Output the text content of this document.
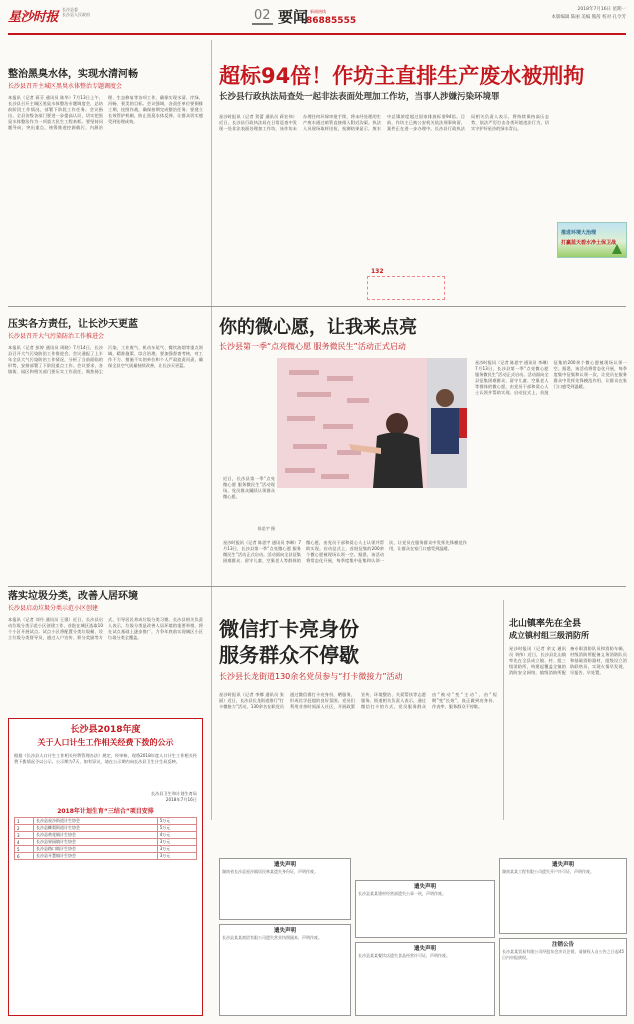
星沙时报
长沙县委
长沙县人民政府	02 要闻 新闻热线
86885555
2018年7月16日 星期一
本版编辑 陈丽 美编 熊茜 校对 孔令芳
整治黑臭水体，实现水清河畅
长沙县召开主城区黑臭水体整治专题调度会
本报讯（记者 蒋芬 通讯员 陈华）7月13日上午，长沙县召开主城区黑臭水体整治专题调度会，总结前阶段工作情况，部署下阶段工作任务。会议指出，全县各级各部门要进一步提高认识，切实把黑臭水体整治作为一项重大民生工程来抓。要坚持问题导向，突出重点，统筹推进控源截污、内源治理、生态修复等各项工作，确保实现水清、岸绿、河畅、景美的目标。会议强调，各责任单位要倒排工期，挂图作战，确保按期完成整治任务；要建立长效管护机制，防止黑臭水体反弹，让群众切实感受到治理成效。
超标94倍！作坊主直排生产废水被刑拘
长沙县行政执法局查处一起非法表面处理加工作坊，当事人涉嫌污染环境罪
星沙时报讯（记者 贺蕾 通讯员 蒋宏伟）近日，长沙县行政执法局在日常巡查中发现一处非法表面处理加工作坊，该作坊未办理任何环保审批手续，将未经处理的生产废水通过暗管直接排入附近沟渠。执法人员现场取样送检，检测结果显示，废水中总镍浓度超过国家排放标准94倍。目前，作坊主已被公安机关依法刑事拘留，案件正在进一步办理中。长沙县行政执法局相关负责人表示，将持续保持高压态势，依法严厉打击各类环境违法行为，切实守护好星沙的绿水青山。
132
推进环境大治理
打赢蓝天碧水净土保卫战
压实各方责任，让长沙天更蓝
长沙县召开大气污染防治工作推进会
本报讯（记者 彭婷 通讯员 周晓）7月14日，长沙县召开大气污染防治工作推进会。会议通报了上半年全县大气污染防治工作情况，分析了当前面临的形势，安排部署了下阶段重点工作。会议要求，各镇街、园区和相关部门要压实工作责任，聚焦扬尘污染、工业废气、机动车尾气、餐饮油烟等重点领域，精准施策、综合治理。要加强督查考核，对工作不力、措施不实的单位和个人严肃追责问责，确保全县空气质量持续改善，让长沙天更蓝。
你的微心愿，让我来点亮
长沙县第一季“点亮微心愿 服务微民生”活动正式启动
近日，长沙县第一季“点亮微心愿 服务微民生”活动现场，党员群众踊跃认领群众微心愿。
陈思宇 摄
星沙时报讯（记者 陈思宇 通讯员 李琳）7月13日，长沙县第一季“点亮微心愿 服务微民生”活动正式启动。活动面向全县征集困难群众、留守儿童、空巢老人等群体的微心愿，由党员干部和爱心人士认领并帮助实现。启动仪式上，首批征集的200余个微心愿被现场认领一空。据悉，该活动将常态化开展，每季度集中征集和认领一次，让党员在服务群众中发挥先锋模范作用，让群众在家门口感受到温暖。
星沙时报讯（记者 陈思宇 通讯员 李琳）7月13日，长沙县第一季“点亮微心愿 服务微民生”活动正式启动。活动面向全县征集困难群众、留守儿童、空巢老人等群体的微心愿，由党员干部和爱心人士认领并帮助实现。启动仪式上，首批征集的200余个微心愿被现场认领一空。据悉，该活动将常态化开展，每季度集中征集和认领一次，让党员在服务群众中发挥先锋模范作用，让群众在家门口感受到温暖。
落实垃圾分类，改善人居环境
长沙县启动垃圾分类示范小区创建
本报讯（记者 刘丹 通讯员 王强）近日，长沙县启动垃圾分类示范小区创建工作，首批在城区选取10个小区开展试点。试点小区将配置分类垃圾桶，设立垃圾分类督导员，通过入户宣传、积分奖励等方式，引导居民养成垃圾分类习惯。长沙县相关负责人表示，垃圾分类是改善人居环境的重要举措，将在试点基础上逐步推广，力争年底前实现城区小区垃圾分类全覆盖。
长沙县2018年度
关于人口计生工作相关经费下拨的公示
根据《长沙县人口计生工作相关经费管理办法》规定，经审核，现将2018年度人口计生工作相关经费下拨情况予以公示。公示期为7天，如有异议，请在公示期内向长沙县卫生计生局反映。
长沙县卫生和计划生育局
2018年7月16日
2018年计划生育“三结合”项目安排
1	长沙县星沙街道计生协会	5万元
2	长沙县榔梨街道计生协会	5万元
3	长沙县黄花镇计生协会	4万元
4	长沙县果园镇计生协会	3万元
5	长沙县路口镇计生协会	3万元
6	长沙县开慧镇计生协会	3万元
微信打卡亮身份
服务群众不停歇
长沙县长龙街道130余名党员参与“打卡微接力”活动
星沙时报讯（记者 李娜 通讯员 张丽）近日，长沙县长龙街道推行“打卡微接力”活动，130余名在职党员通过微信群打卡亮身份、晒服务，形成比学赶超的良好氛围。党员们利用业余时间深入社区，开展政策宣传、环境整治、关爱帮扶等志愿服务。街道相关负责人表示，通过微信打卡的方式，党员服务群众由“被动”变“主动”，由“短期”变“长效”，真正做到亮身份、作表率、服务群众不停歇。
北山镇率先在全县
成立镇村组三级消防所
星沙时报讯（记者 余文 通讯员 刘伟）近日，长沙县北山镇率先在全县成立镇、村、组三级消防所，构建起覆盖全镇的消防安全网络。镇级消防所配备专职消防队员和消防车辆，村级消防所配备义务消防队员和基础消防器材，组级设立消防联络员，实现火情早发现、早报告、早处置。
遗失声明
湖南省长沙县星沙镇居民林某遗失身份证，声明作废。
遗失声明
长沙县某某商贸有限公司遗失营业执照副本，声明作废。
遗失声明
长沙县某某建材经营部遗失公章一枚，声明作废。
遗失声明
长沙县某某餐饮店遗失食品经营许可证，声明作废。
遗失声明
湖南某某工程有限公司遗失开户许可证，声明作废。
注销公告
长沙某某贸易有限公司经股东会决议注销，请债权人自公告之日起45日内申报债权。
